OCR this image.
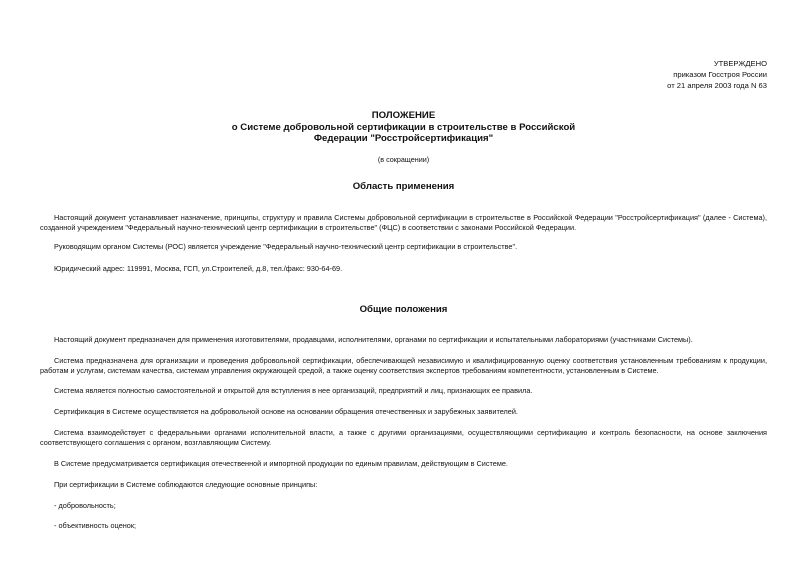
УТВЕРЖДЕНО
приказом Госстроя России
от 21 апреля 2003 года N 63
ПОЛОЖЕНИЕ
о Системе добровольной сертификации в строительстве в Российской
Федерации "Росстройсертификация"
(в сокращении)
Область применения
Настоящий документ устанавливает назначение, принципы, структуру и правила Системы добровольной сертификации в строительстве в Российской Федерации "Росстройсертификация" (далее - Система), созданной учреждением "Федеральный научно-технический центр сертификации в строительстве" (ФЦС) в соответствии с законами Российской Федерации.
Руководящим органом Системы (РОС) является учреждение "Федеральный научно-технический центр сертификации в строительстве".
Юридический адрес: 119991, Москва, ГСП, ул.Строителей, д.8, тел./факс: 930-64-69.
Общие положения
Настоящий документ предназначен для применения изготовителями, продавцами, исполнителями, органами по сертификации и испытательными лабораториями (участниками Системы).
Система предназначена для организации и проведения добровольной сертификации, обеспечивающей независимую и квалифицированную оценку соответствия установленным требованиям к продукции, работам и услугам, системам качества, системам управления окружающей средой, а также оценку соответствия экспертов требованиям компетентности, установленным в Системе.
Система является полностью самостоятельной и открытой для вступления в нее организаций, предприятий и лиц, признающих ее правила.
Сертификация в Системе осуществляется на добровольной основе на основании обращения отечественных и зарубежных заявителей.
Система взаимодействует с федеральными органами исполнительной власти, а также с другими организациями, осуществляющими сертификацию и контроль безопасности, на основе заключения соответствующего соглашения с органом, возглавляющим Систему.
В Системе предусматривается сертификация отечественной и импортной продукции по единым правилам, действующим в Системе.
При сертификации в Системе соблюдаются следующие основные принципы:
- добровольность;
- объективность оценок;
